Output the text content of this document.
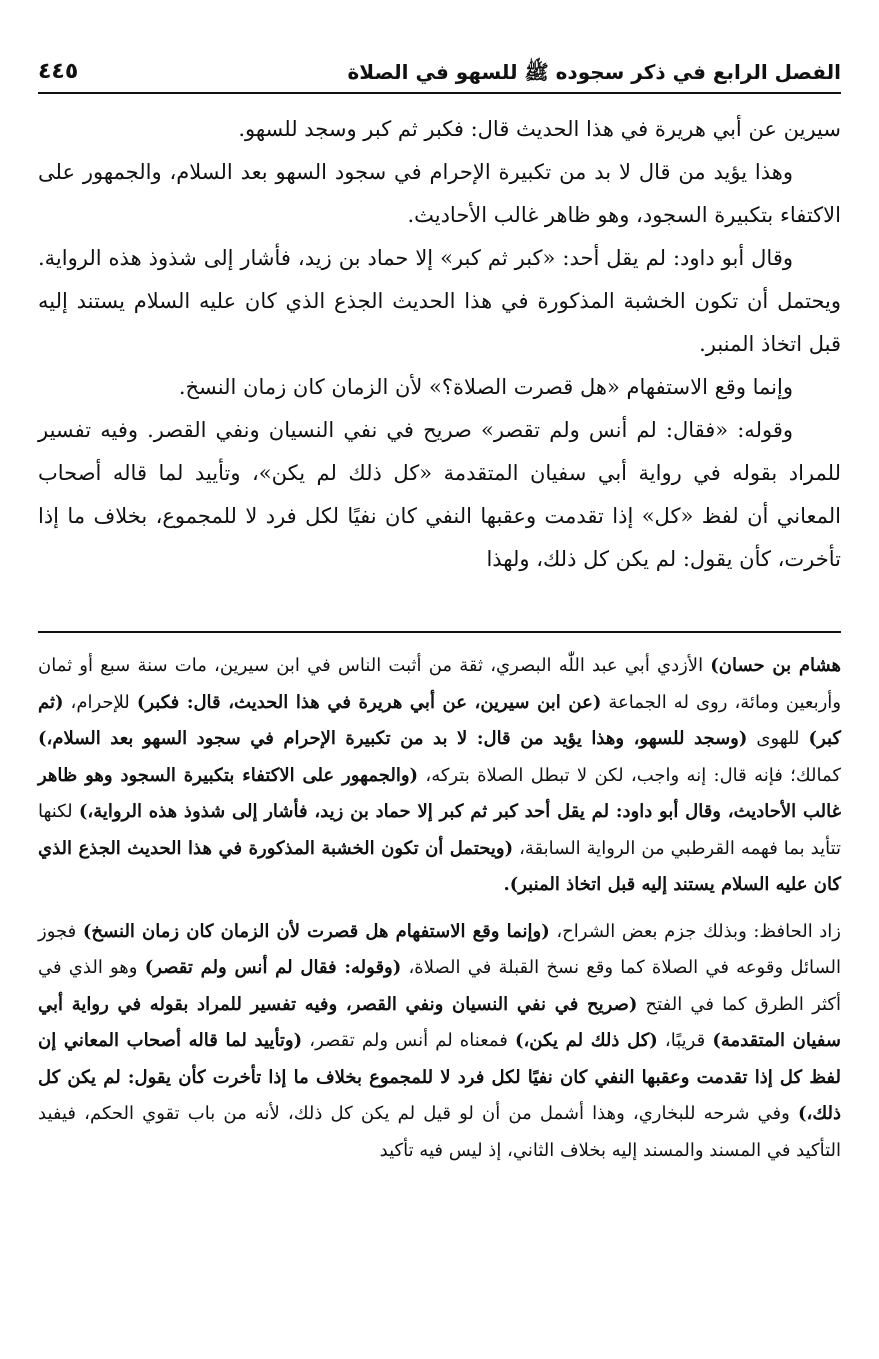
الفصل الرابع في ذكر سجوده ﷺ للسهو في الصلاة
٤٤٥

سيرين عن أبي هريرة في هذا الحديث قال: فكبر ثم كبر وسجد للسهو.

وهذا يؤيد من قال لا بد من تكبيرة الإحرام في سجود السهو بعد السلام، والجمهور على الاكتفاء بتكبيرة السجود، وهو ظاهر غالب الأحاديث.

وقال أبو داود: لم يقل أحد: «كبر ثم كبر» إلا حماد بن زيد، فأشار إلى شذوذ هذه الرواية. ويحتمل أن تكون الخشبة المذكورة في هذا الحديث الجذع الذي كان عليه السلام يستند إليه قبل اتخاذ المنبر.

وإنما وقع الاستفهام «هل قصرت الصلاة؟» لأن الزمان كان زمان النسخ.

وقوله: «فقال: لم أنس ولم تقصر» صريح في نفي النسيان ونفي القصر. وفيه تفسير للمراد بقوله في رواية أبي سفيان المتقدمة «كل ذلك لم يكن»، وتأييد لما قاله أصحاب المعاني أن لفظ «كل» إذا تقدمت وعقبها النفي كان نفيًا لكل فرد لا للمجموع، بخلاف ما إذا تأخرت، كأن يقول: لم يكن كل ذلك، ولهذا

هشام بن حسان) الأزدي أبي عبد اللّٰه البصري، ثقة من أثبت الناس في ابن سيرين، مات سنة سبع أو ثمان وأربعين ومائة، روى له الجماعة (عن ابن سيرين، عن أبي هريرة في هذا الحديث، قال: فكبر) للإحرام، (ثم كبر) للهوى (وسجد للسهو، وهذا يؤيد من قال: لا بد من تكبيرة الإحرام في سجود السهو بعد السلام،) كمالك؛ فإنه قال: إنه واجب، لكن لا تبطل الصلاة بتركه، (والجمهور على الاكتفاء بتكبيرة السجود وهو ظاهر غالب الأحاديث، وقال أبو داود: لم يقل أحد كبر ثم كبر إلا حماد بن زيد، فأشار إلى شذوذ هذه الرواية،) لكنها تتأيد بما فهمه القرطبي من الرواية السابقة، (ويحتمل أن تكون الخشبة المذكورة في هذا الحديث الجذع الذي كان عليه السلام يستند إليه قبل اتخاذ المنبر).

زاد الحافظ: وبذلك جزم بعض الشراح، (وإنما وقع الاستفهام هل قصرت لأن الزمان كان زمان النسخ) فجوز السائل وقوعه في الصلاة كما وقع نسخ القبلة في الصلاة، (وقوله: فقال لم أنس ولم تقصر) وهو الذي في أكثر الطرق كما في الفتح (صريح في نفي النسيان ونفي القصر، وفيه تفسير للمراد بقوله في رواية أبي سفيان المتقدمة) قريبًا، (كل ذلك لم يكن،) فمعناه لم أنس ولم تقصر، (وتأييد لما قاله أصحاب المعاني إن لفظ كل إذا تقدمت وعقبها النفي كان نفيًا لكل فرد لا للمجموع بخلاف ما إذا تأخرت كأن يقول: لم يكن كل ذلك،) وفي شرحه للبخاري، وهذا أشمل من أن لو قيل لم يكن كل ذلك، لأنه من باب تقوي الحكم، فيفيد التأكيد في المسند والمسند إليه بخلاف الثاني، إذ ليس فيه تأكيد
